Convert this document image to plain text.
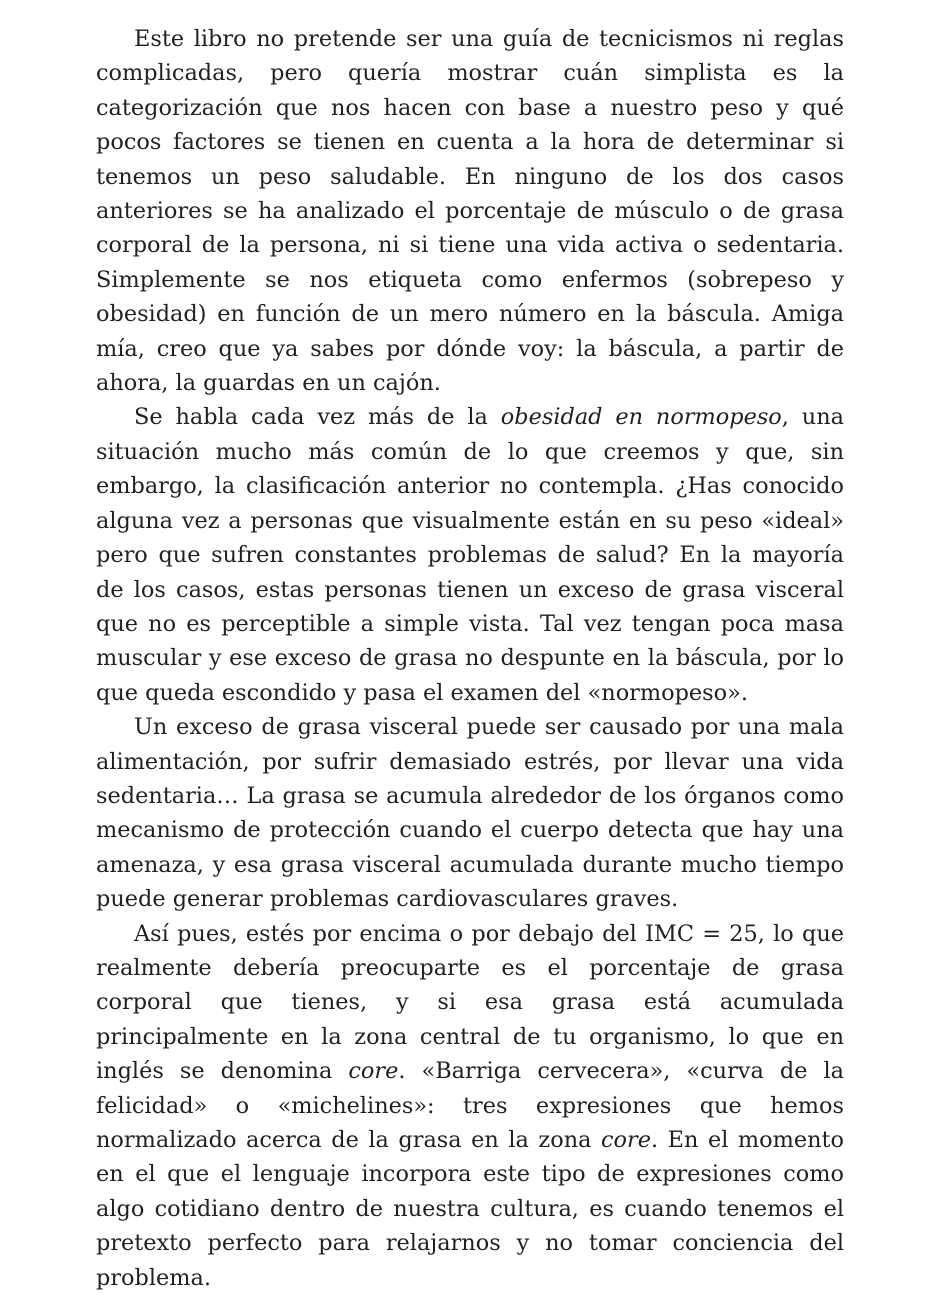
Este libro no pretende ser una guía de tecnicismos ni reglas complicadas, pero quería mostrar cuán simplista es la categorización que nos hacen con base a nuestro peso y qué pocos factores se tienen en cuenta a la hora de determinar si tenemos un peso saludable. En ninguno de los dos casos anteriores se ha analizado el porcentaje de músculo o de grasa corporal de la persona, ni si tiene una vida activa o sedentaria. Simplemente se nos etiqueta como enfermos (sobrepeso y obesidad) en función de un mero número en la báscula. Amiga mía, creo que ya sabes por dónde voy: la báscula, a partir de ahora, la guardas en un cajón.

Se habla cada vez más de la obesidad en normopeso, una situación mucho más común de lo que creemos y que, sin embargo, la clasificación anterior no contempla. ¿Has conocido alguna vez a personas que visualmente están en su peso «ideal» pero que sufren constantes problemas de salud? En la mayoría de los casos, estas personas tienen un exceso de grasa visceral que no es perceptible a simple vista. Tal vez tengan poca masa muscular y ese exceso de grasa no despunte en la báscula, por lo que queda escondido y pasa el examen del «normopeso».

Un exceso de grasa visceral puede ser causado por una mala alimentación, por sufrir demasiado estrés, por llevar una vida sedentaria… La grasa se acumula alrededor de los órganos como mecanismo de protección cuando el cuerpo detecta que hay una amenaza, y esa grasa visceral acumulada durante mucho tiempo puede generar problemas cardiovasculares graves.

Así pues, estés por encima o por debajo del IMC = 25, lo que realmente debería preocuparte es el porcentaje de grasa corporal que tienes, y si esa grasa está acumulada principalmente en la zona central de tu organismo, lo que en inglés se denomina core. «Barriga cervecera», «curva de la felicidad» o «michelines»: tres expresiones que hemos normalizado acerca de la grasa en la zona core. En el momento en el que el lenguaje incorpora este tipo de expresiones como algo cotidiano dentro de nuestra cultura, es cuando tenemos el pretexto perfecto para relajarnos y no tomar conciencia del problema.
